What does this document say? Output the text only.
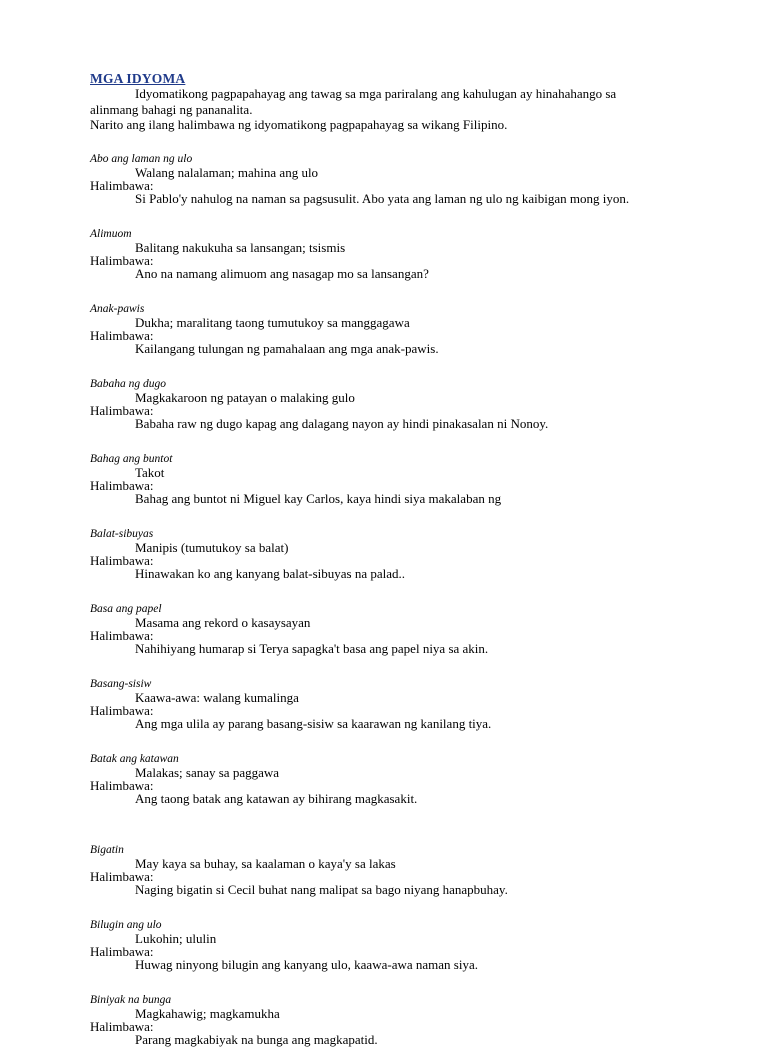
MGA IDYOMA
Idyomatikong pagpapahayag ang tawag sa mga pariralang ang kahulugan ay hinahahango sa
alinmang bahagi ng pananalita.
Narito ang ilang halimbawa ng idyomatikong pagpapahayag sa wikang Filipino.
Abo ang laman ng ulo
Walang nalalaman; mahina ang ulo
Halimbawa:
Si Pablo'y nahulog na naman sa pagsusulit. Abo yata ang laman ng ulo ng kaibigan mong iyon.
Alimuom
Balitang nakukuha sa lansangan; tsismis
Halimbawa:
Ano na namang alimuom ang nasagap mo sa lansangan?
Anak-pawis
Dukha; maralitang taong tumutukoy sa manggagawa
Halimbawa:
Kailangang tulungan ng pamahalaan ang mga anak-pawis.
Babaha ng dugo
Magkakaroon ng patayan o malaking gulo
Halimbawa:
Babaha raw ng dugo kapag ang dalagang nayon ay hindi pinakasalan ni Nonoy.
Bahag ang buntot
Takot
Halimbawa:
Bahag ang buntot ni Miguel kay Carlos, kaya hindi siya makalaban ng
Balat-sibuyas
Manipis (tumutukoy sa balat)
Halimbawa:
Hinawakan ko ang kanyang balat-sibuyas na palad..
Basa ang papel
Masama ang rekord o kasaysayan
Halimbawa:
Nahihiyang humarap si Terya sapagka't basa ang papel niya sa akin.
Basang-sisiw
Kaawa-awa: walang kumalinga
Halimbawa:
Ang mga ulila ay parang basang-sisiw sa kaarawan ng kanilang tiya.
Batak ang katawan
Malakas; sanay sa paggawa
Halimbawa:
Ang taong batak ang katawan ay bihirang magkasakit.
Bigatin
May kaya sa buhay, sa kaalaman o kaya'y sa lakas
Halimbawa:
Naging bigatin si Cecil buhat nang malipat sa bago niyang hanapbuhay.
Bilugin ang ulo
Lukohin; ululin
Halimbawa:
Huwag ninyong bilugin ang kanyang ulo, kaawa-awa naman siya.
Biniyak na bunga
Magkahawig; magkamukha
Halimbawa:
Parang magkabiyak na bunga ang magkapatid.
